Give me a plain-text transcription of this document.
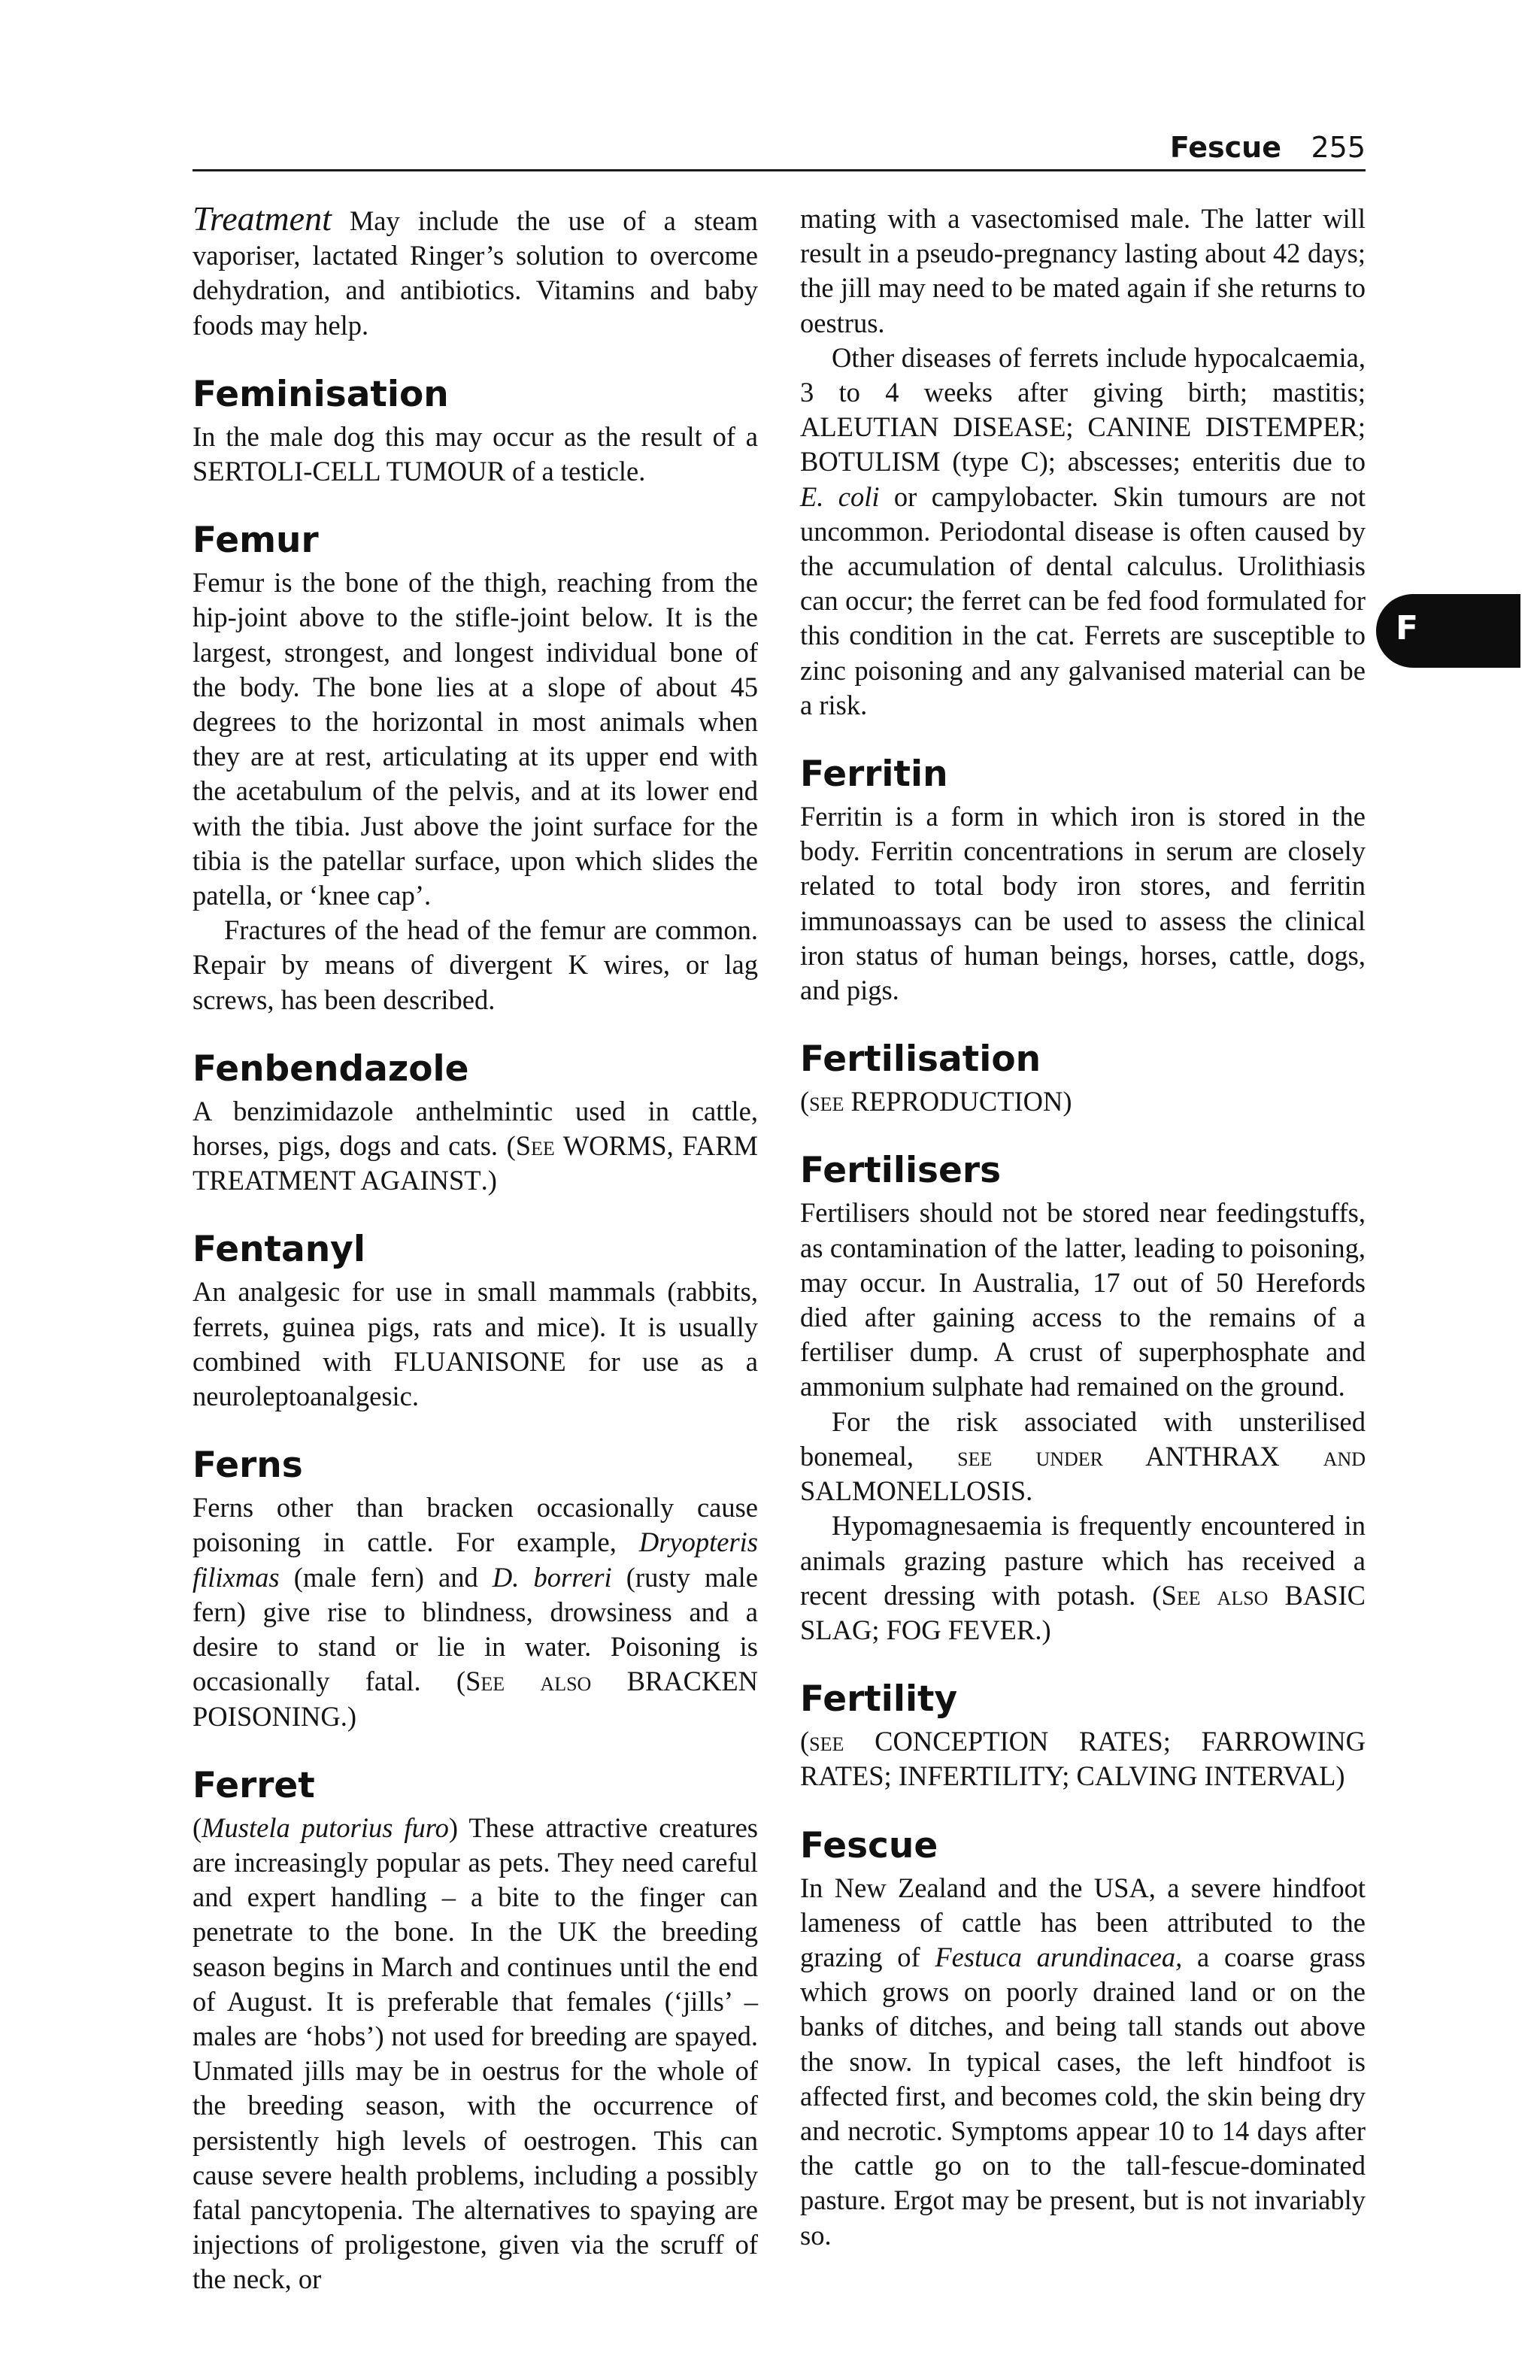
Fescue 255
F

Treatment May include the use of a steam vaporiser, lactated Ringer’s solution to overcome dehydration, and antibiotics. Vitamins and baby foods may help.

Feminisation

In the male dog this may occur as the result of a SERTOLI-CELL TUMOUR of a testicle.

Femur

Femur is the bone of the thigh, reaching from the hip-joint above to the stifle-joint below. It is the largest, strongest, and longest individual bone of the body. The bone lies at a slope of about 45 degrees to the horizontal in most animals when they are at rest, articulating at its upper end with the acetabulum of the pelvis, and at its lower end with the tibia. Just above the joint surface for the tibia is the patellar surface, upon which slides the patella, or ‘knee cap’.

Fractures of the head of the femur are common. Repair by means of divergent K wires, or lag screws, has been described.

Fenbendazole

A benzimidazole anthelmintic used in cattle, horses, pigs, dogs and cats. (See WORMS, FARM TREATMENT AGAINST.)

Fentanyl

An analgesic for use in small mammals (rabbits, ferrets, guinea pigs, rats and mice). It is usually combined with FLUANISONE for use as a neuroleptoanalgesic.

Ferns

Ferns other than bracken occasionally cause poisoning in cattle. For example, Dryopteris filixmas (male fern) and D. borreri (rusty male fern) give rise to blindness, drowsiness and a desire to stand or lie in water. Poisoning is occasionally fatal. (See also BRACKEN POISONING.)

Ferret

(Mustela putorius furo) These attractive creatures are increasingly popular as pets. They need careful and expert handling – a bite to the finger can penetrate to the bone. In the UK the breeding season begins in March and continues until the end of August. It is preferable that females (‘jills’ – males are ‘hobs’) not used for breeding are spayed. Unmated jills may be in oestrus for the whole of the breeding season, with the occurrence of persistently high levels of oestrogen. This can cause severe health problems, including a possibly fatal pancytopenia. The alternatives to spaying are injections of proligestone, given via the scruff of the neck, or

mating with a vasectomised male. The latter will result in a pseudo-pregnancy lasting about 42 days; the jill may need to be mated again if she returns to oestrus.

Other diseases of ferrets include hypocalcaemia, 3 to 4 weeks after giving birth; mastitis; ALEUTIAN DISEASE; CANINE DISTEMPER; BOTULISM (type C); abscesses; enteritis due to E. coli or campylobacter. Skin tumours are not uncommon. Periodontal disease is often caused by the accumulation of dental calculus. Urolithiasis can occur; the ferret can be fed food formulated for this condition in the cat. Ferrets are susceptible to zinc poisoning and any galvanised material can be a risk.

Ferritin

Ferritin is a form in which iron is stored in the body. Ferritin concentrations in serum are closely related to total body iron stores, and ferritin immunoassays can be used to assess the clinical iron status of human beings, horses, cattle, dogs, and pigs.

Fertilisation

(see REPRODUCTION)

Fertilisers

Fertilisers should not be stored near feedingstuffs, as contamination of the latter, leading to poisoning, may occur. In Australia, 17 out of 50 Herefords died after gaining access to the remains of a fertiliser dump. A crust of superphosphate and ammonium sulphate had remained on the ground.

For the risk associated with unsterilised bonemeal, see under ANTHRAX and SALMONELLOSIS.

Hypomagnesaemia is frequently encountered in animals grazing pasture which has received a recent dressing with potash. (See also BASIC SLAG; FOG FEVER.)

Fertility

(see CONCEPTION RATES; FARROWING RATES; INFERTILITY; CALVING INTERVAL)

Fescue

In New Zealand and the USA, a severe hindfoot lameness of cattle has been attributed to the grazing of Festuca arundinacea, a coarse grass which grows on poorly drained land or on the banks of ditches, and being tall stands out above the snow. In typical cases, the left hindfoot is affected first, and becomes cold, the skin being dry and necrotic. Symptoms appear 10 to 14 days after the cattle go on to the tall-fescue-dominated pasture. Ergot may be present, but is not invariably so.
